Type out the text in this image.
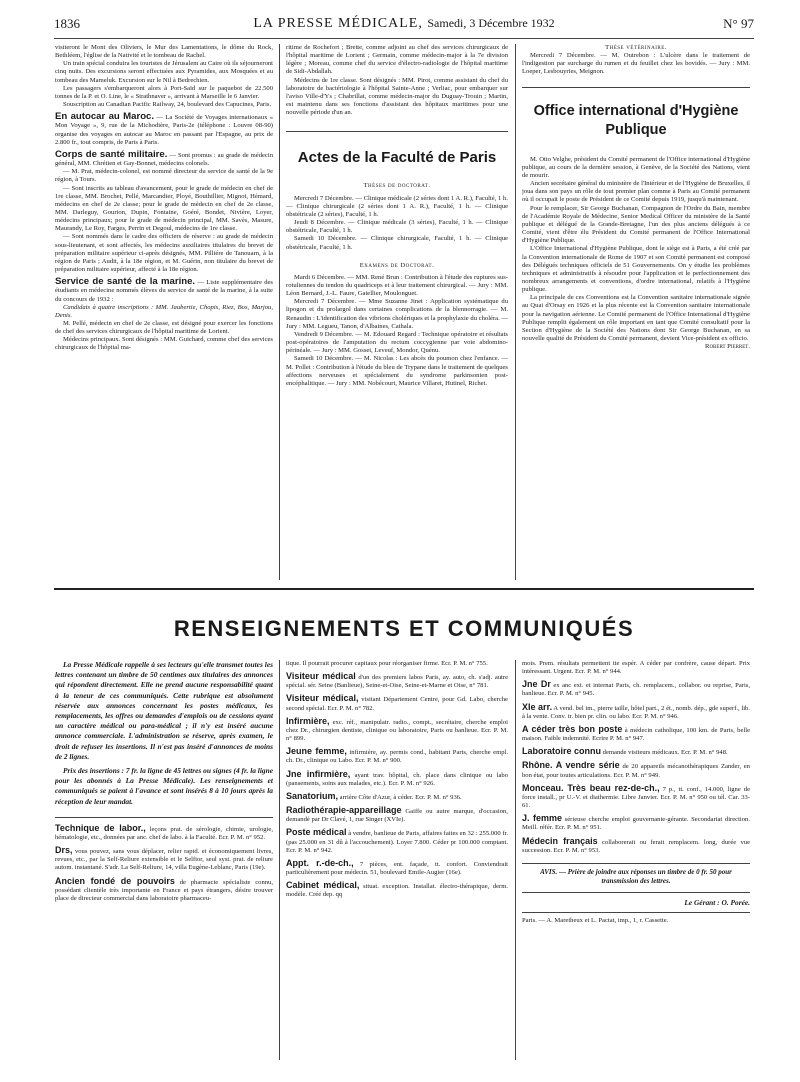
1836	LA PRESSE MÉDICALE, Samedi, 3 Décembre 1932	N° 97

visiteront le Mont des Oliviers, le Mur des Lamentations, le dôme du Rock, Bethléem, l'église de la Nativité et le tombeau de Rachel.

Un train spécial conduira les touristes de Jérusalem au Caire où ils séjourneront cinq nuits. Des excursions seront effectuées aux Pyramides, aux Mosquées et au tombeau des Mameluk. Excursion sur le Nil à Bedrechien.

Les passagers s'embarqueront alors à Port-Saïd sur le paquebot de 22.500 tonnes de la P. et O. Line, le « Strathnaver », arrivant à Marseille le 6 Janvier.

Souscription au Canadian Pacific Railway, 24, boulevard des Capucines, Paris.

En autocar au Maroc. — La Société de Voyages internationaux « Mon Voyage », 9, rue de la Michodière, Paris-2e (téléphone : Louvre 08-90) organise des voyages en autocar au Maroc en passant par l'Espagne, au prix de 2.800 fr., tout compris, de Paris à Paris.

Corps de santé militaire. — Sont promus : au grade de médecin général, MM. Chrétien et Gay-Bonnet, médecins colonels.

— M. Prat, médecin-colonel, est nommé directeur du service de santé de la 9e région, à Tours.

— Sont inscrits au tableau d'avancement, pour le grade de médecin en chef de 1re classe, MM. Brochet, Pellé, Marcandier, Ployé, Bouthillier, Mignot, Hémard, médecins en chef de 2e classe; pour le grade de médecin en chef de 2e classe, MM. Darleguy, Gourion, Dupin, Fontaine, Goéré, Bondet, Nivière, Loyer, médecins principaux; pour le grade de médecin principal, MM. Savès, Masure, Maurandy, Le Roy, Farges, Perrin et Degoul, médecins de 1re classe.

— Sont nommés dans le cadre des officiers de réserve : au grade de médecin sous-lieutenant, et sont affectés, les médecins auxiliaires titulaires du brevet de préparation militaire supérieur ci-après désignés, MM. Pilliére de Tanouarn, à la région de Paris ; Audit, à la 18e région, et M. Guérin, non titulaire du brevet de préparation militaire supérieur, affecté à la 18e région.

Service de santé de la marine. — Liste supplémentaire des étudiants en médecine nommés élèves du service de santé de la marine, à la suite du concours de 1932 :

Candidats à quatre inscriptions : MM. Jaubertie, Chopis, Riez, Bos, Marjou, Denis.

M. Pellé, médecin en chef de 2e classe, est désigné pour exercer les fonctions de chef des services chirurgicaux de l'hôpital maritime de Lorient.

Médecins principaux. Sont désignés : MM. Guichard, comme chef des services chirurgicaux de l'hôpital ma-

ritime de Rochefort ; Brette, comme adjoint au chef des services chirurgicaux de l'hôpital maritime de Lorient ; Germain, comme médecin-major à la 7e division légère ; Moreau, comme chef du service d'électro-radiologie de l'hôpital maritime de Sidi-Abdallah.

Médecins de 1re classe. Sont désignés : MM. Pirot, comme assistant du chef du laboratoire de bactériologie à l'hôpital Sainte-Anne ; Verliac, pour embarquer sur l'aviso Ville-d'Ys ; Chabrillat, comme médecin-major du Duguay-Trouin ; Martin, est maintenu dans ses fonctions d'assistant des hôpitaux maritimes pour une nouvelle période d'un an.

Actes de la Faculté de Paris

Thèses de doctorat.

Mercredi 7 Décembre. — Clinique médicale (2 séries dont 1 A. R.), Faculté, 1 h. — Clinique chirurgicale (2 séries dont 1 A. R.), Faculté, 1 h. — Clinique obstétricale (2 séries), Faculté, 1 h.

Jeudi 8 Décembre. — Clinique médicale (3 séries), Faculté, 1 h. — Clinique obstétricale, Faculté, 1 h.

Samedi 10 Décembre. — Clinique chirurgicale, Faculté, 1 h. — Clinique obstétricale, Faculté, 1 h.

Examens de Doctorat.

Mardi 6 Décembre. — MM. René Brun : Contribution à l'étude des ruptures sus-rotuliennes du tendon du quadriceps et à leur traitement chirurgical. — Jury : MM. Léon Bernard, J.-L. Faure, Gatellier, Moulonguet.

Mercredi 7 Décembre. — Mme Suzanne Jinet : Application systématique du lipogon et du prolargol dans certaines complications de la blennorragie. — M. Renaudin : L'identification des vibrions cholériques et la prophylaxie du choléra. — Jury : MM. Legueu, Tanon, d'Albaines, Cathala.

Vendredi 9 Décembre. — M. Edouard Regard : Technique opératoire et résultats post-opératoires de l'amputation du rectum coccygienne par voie abdomino-périnéale. — Jury : MM. Gosset, Leveuf, Mondor, Quénu.

Samedi 10 Décembre. — M. Nicolas : Les abcès du poumon chez l'enfance. — M. Pollet : Contribution à l'étude du bleu de Trypane dans le traitement de quelques affections nerveuses et spécialement du syndrome parkinsonien post-encéphalitique. — Jury : MM. Nobécourt, Maurice Villaret, Hutinel, Richet.

Thèse vétérinaire.

Mercredi 7 Décembre. — M. Outrebon : L'ulcère dans le traitement de l'indigestion par surcharge du rumen et du feuillet chez les bovidés. — Jury : MM. Loeper, Lesbouyries, Meignon.

Office international d'Hygiène Publique

M. Otto Velghe, président du Comité permanent de l'Office international d'Hygiène publique, au cours de la dernière session, à Genève, de la Société des Nations, vient de mourir.

Ancien secrétaire général du ministère de l'Intérieur et de l'Hygiène de Bruxelles, il joua dans son pays un rôle de tout premier plan comme à Paris au Comité permanent où il occupait le poste de Président de ce Comité depuis 1919, jusqu'à maintenant.

Pour le remplacer, Sir George Buchanan, Compagnon de l'Ordre du Bain, membre de l'Académie Royale de Médecine, Senior Medical Officer du ministère de la Santé publique et délégué de la Grande-Bretagne, l'un des plus anciens délégués à ce Comité, vient d'être élu Président du Comité permanent de l'Office International d'Hygiène Publique.

L'Office International d'Hygiène Publique, dont le siège est à Paris, a été créé par la Convention internationale de Rome de 1907 et son Comité permanent est composé des Délégués techniques officiels de 51 Gouvernements. On y étudie les problèmes techniques et administratifs à résoudre pour l'application et le perfectionnement des nombreux arrangements et conventions, d'ordre international, relatifs à l'Hygiène publique.

La principale de ces Conventions est la Convention sanitaire internationale signée au Quai d'Orsay en 1926 et la plus récente est la Convention sanitaire internationale pour la navigation aérienne. Le Comité permanent de l'Office International d'Hygiène Publique remplit également un rôle important en tant que Comité consultatif pour la Section d'Hygiène de la Société des Nations dont Sir George Buchanan, en sa nouvelle qualité de Président du Comité permanent, devient Vice-président ex officio.

Robert Pierret.

RENSEIGNEMENTS ET COMMUNIQUÉS

La Presse Médicale rappelle à ses lecteurs qu'elle transmet toutes les lettres contenant un timbre de 50 centimes aux titulaires des annonces qui répondent directement. Elle ne prend aucune responsabilité quant à la teneur de ces communiqués. Cette rubrique est absolument réservée aux annonces concernant les postes médicaux, les remplacements, les offres ou demandes d'emplois ou de cessions ayant un caractère médical ou para-médical ; il n'y est inséré aucune annonce commerciale. L'administration se réserve, après examen, le droit de refuser les insertions. Il n'est pas inséré d'annonces de moins de 2 lignes.

Prix des insertions : 7 fr. la ligne de 45 lettres ou signes (4 fr. la ligne pour les abonnés à La Presse Médicale). Les renseignements et communiqués se paient à l'avance et sont insérés 8 à 10 jours après la réception de leur mandat.

Technique de labor., leçons prat. de sérologie, chimie, urologie, hématologie, etc., données par anc. chef de labo. à la Faculté. Ecr. P. M. n° 952.

Drs, vous pouvez, sans vous déplacer, relier rapid. et économiquement livres, revues, etc., par la Self-Reliure extensible et le Selfior, seul syst. prat. de reliure autom. instantané. S'adr. La Self-Reliure, 14, villa Eugène-Leblanc, Paris (19e).

Ancien fondé de pouvoirs de pharmacie spécialiste connu, possédant clientèle très importante en France et pays étrangers, désire trouver place de directeur commercial dans laboratoire pharmaceu-

tique. Il pourrait procurer capitaux pour réorganiser firme. Ecr. P. M. n° 755.

Visiteur médical d'un des premiers labos Paris, ay. auto, ch. s'adj. autre spécial. sér. Seine (Banlieue), Seine-et-Oise, Seine-et-Marne et Oise, n° 781.

Visiteur médical, visitant Département Centre, pour Gd. Labo, cherche second spécial. Ecr. P. M. n° 782.

Infirmière, exc. réf., manipulatr. radio., compt., secrétaire, cherche emploi chez Dr., chirurgien dentiste, clinique ou laboratoire, Paris ou banlieue. Ecr. P. M. n° 899.

Jeune femme, infirmière, ay. permis cond., habitant Paris, cherche empl. ch. Dr., clinique ou Labo. Ecr. P. M. n° 900.

Jne infirmière, ayant trav. hôpital, ch. place dans clinique ou labo (pansements, soins aux malades, etc.). Ecr. P. M. n° 926.

Sanatorium, arrière Côte d'Azur, à céder. Ecr. P. M. n° 936.

Radiothérapie-appareillage Gaiffe ou autre marque, d'occasion, demandé par Dr Clavé, 1, rue Singer (XVIe).

Poste médical à vendre, banlieue de Paris, affaires faites en 32 : 255.000 fr. (pas 25.000 en 31 dû à l'accouchement). Loyer 7.800. Céder pr 100.000 comptant. Ecr. P. M. n° 942.

Appt. r.-de-ch., 7 pièces, ent. façade, tt. confort. Conviendrait particulièrement pour médecin. 51, boulevard Emile-Augier (16e).

Cabinet médical, situat. exception. Installat. électro-thérapique, derm. modèle. Créé dep. qq

mois. Prem. résultats permettent tte espér. A céder par confrère, cause départ. Prix intéressant. Urgent. Ecr. P. M. n° 944.

Jne Dr ex anc ext. et internat Paris, ch. remplacem., collabor. ou reprise, Paris, banlieue. Ecr. P. M. n° 945.

XIe arr. A vend. bel im., pierre taille, hôtel part., 2 ét., nomb. dép., gde superf., lib. à la vente. Conv. tr. bien pr. clin. ou labo. Ecr. P. M. n° 946.

A céder très bon poste à médecin catholique, 100 km. de Paris, belle maison. Faible indemnité. Ecrire P. M. n° 947.

Laboratoire connu demande visiteurs médicaux. Ecr. P. M. n° 948.

Rhône. A vendre série de 20 appareils mécanothérapiques Zander, en bon état, pour toutes articulations. Ecr. P. M. n° 949.

Monceau. Très beau rez-de-ch., 7 p., tt. conf., 14.000, ligne de force install., pr U.-V. et diathermie. Libre Janvier. Ecr. P. M. n° 950 ou tél. Car. 33-61.

J. femme sérieuse cherche emploi gouvernante-gérante. Secondariat direction. Meill. référ. Ecr. P. M. n° 951.

Médecin français collaborerait ou ferait remplacem. long, durée vue succession. Ecr. P. M. n° 953.

AVIS. — Prière de joindre aux réponses un timbre de 0 fr. 50 pour transmission des lettres.

Le Gérant : O. Porée.

Paris. — A. Maretheux et L. Pactat, imp., 1, r. Cassette.
